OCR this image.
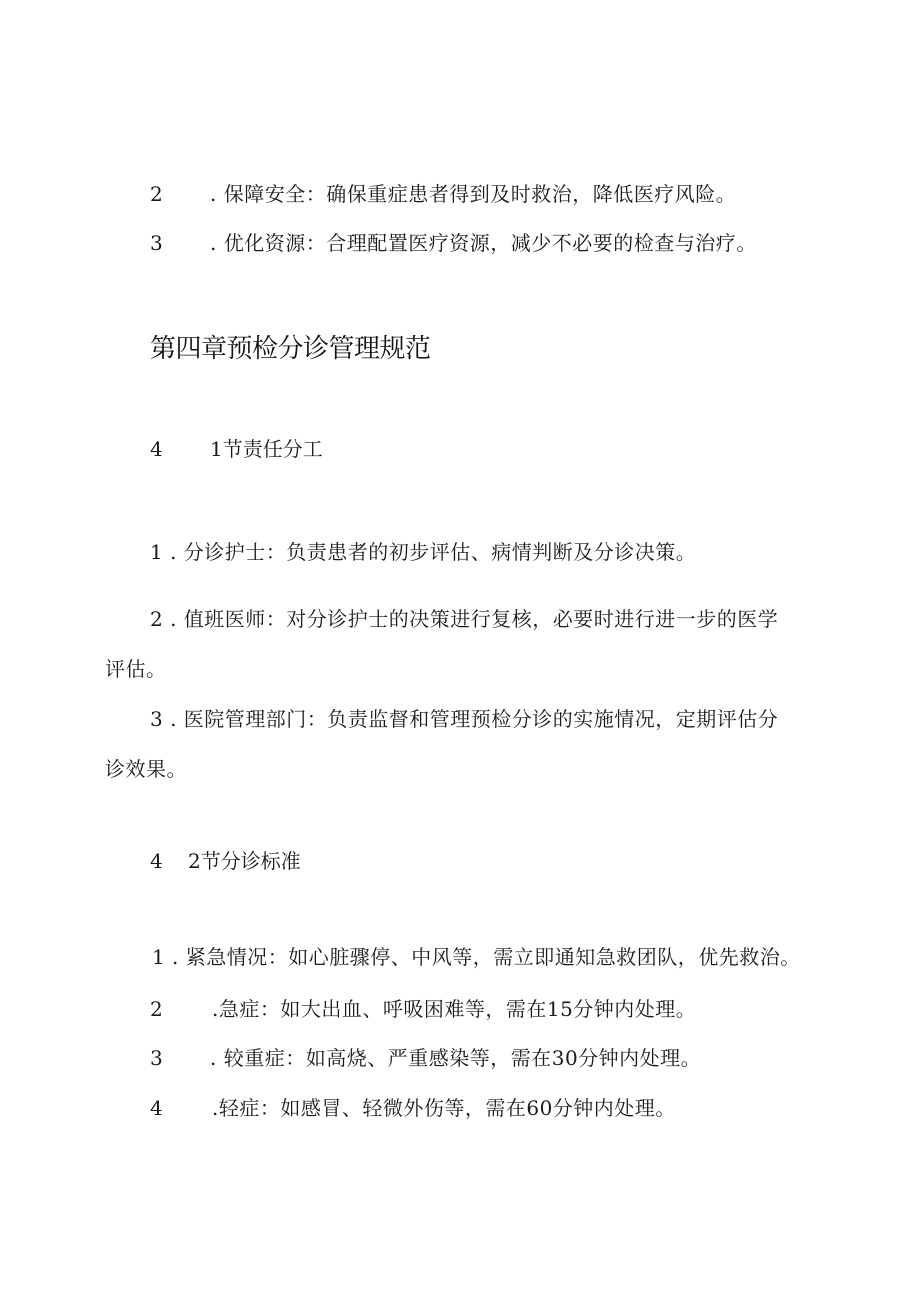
2 . 保障安全：确保重症患者得到及时救治，降低医疗风险。
3 . 优化资源：合理配置医疗资源，减少不必要的检查与治疗。
第四章预检分诊管理规范
4 1节责任分工
1 . 分诊护士：负责患者的初步评估、病情判断及分诊决策。
2 . 值班医师：对分诊护士的决策进行复核，必要时进行进一步的医学
评估。
3 . 医院管理部门：负责监督和管理预检分诊的实施情况，定期评估分
诊效果。
4 2节分诊标准
1 . 紧急情况：如心脏骤停、中风等，需立即通知急救团队，优先救治。
2 .急症：如大出血、呼吸困难等，需在15分钟内处理。
3 . 较重症：如高烧、严重感染等，需在30分钟内处理。
4 .轻症：如感冒、轻微外伤等，需在60分钟内处理。
